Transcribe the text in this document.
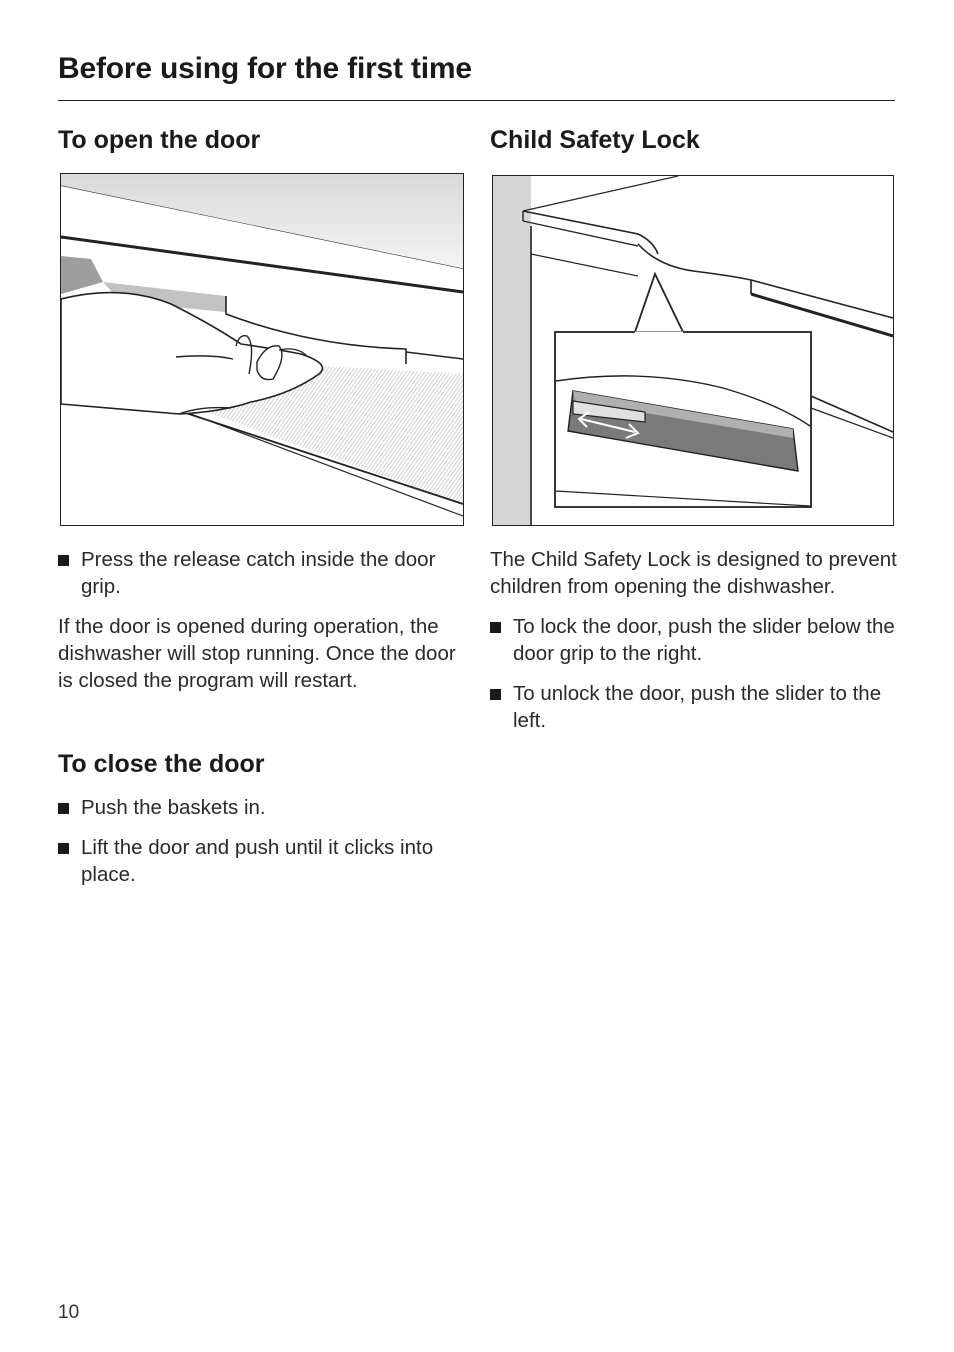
Before using for the first time
To open the door
Press the release catch inside the door grip.

If the door is opened during operation, the dishwasher will stop running. Once the door is closed the program will restart.

To close the door
Push the baskets in.
Lift the door and push until it clicks into place.
Child Safety Lock

The Child Safety Lock is designed to prevent children from opening the dishwasher.

To lock the door, push the slider below the door grip to the right.
To unlock the door, push the slider to the left.
10
